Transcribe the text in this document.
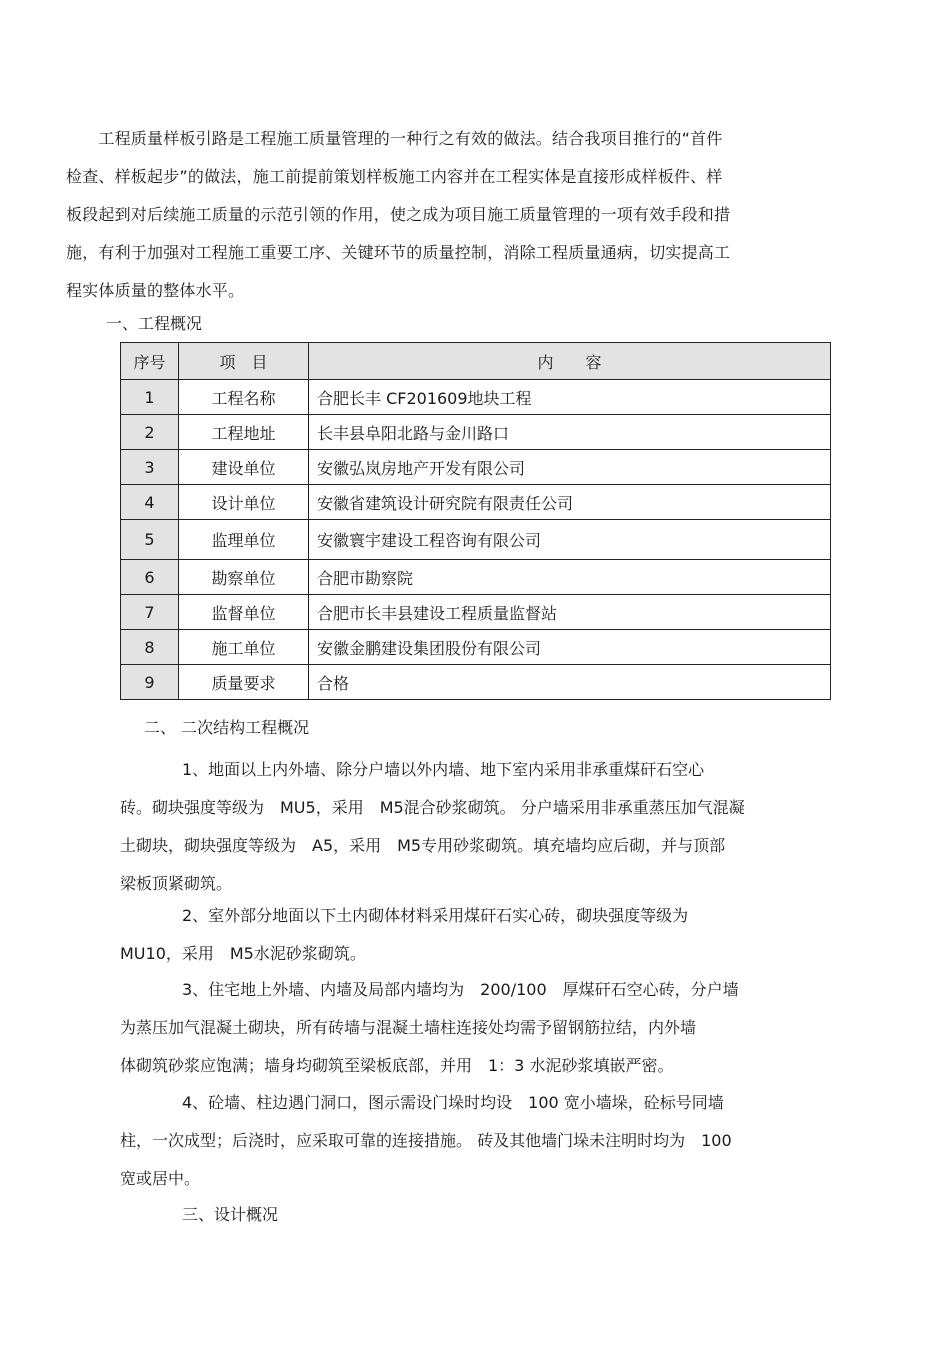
　　工程质量样板引路是工程施工质量管理的一种行之有效的做法。结合我项目推行的“首件
检查、样板起步”的做法，施工前提前策划样板施工内容并在工程实体是直接形成样板件、样
板段起到对后续施工质量的示范引领的作用，使之成为项目施工质量管理的一项有效手段和措
施，有利于加强对工程施工重要工序、关键环节的质量控制，消除工程质量通病，切实提高工
程实体质量的整体水平。
一、工程概况
序号	项　目	内　　容
1	工程名称	合肥长丰 CF201609地块工程
2	工程地址	长丰县阜阳北路与金川路口
3	建设单位	安徽弘岚房地产开发有限公司
4	设计单位	安徽省建筑设计研究院有限责任公司
5	监理单位	安徽寰宇建设工程咨询有限公司
6	勘察单位	合肥市勘察院
7	监督单位	合肥市长丰县建设工程质量监督站
8	施工单位	安徽金鹏建设集团股份有限公司
9	质量要求	合格
二、 二次结构工程概况
1、地面以上内外墙、除分户墙以外内墙、地下室内采用非承重煤矸石空心
砖。砌块强度等级为　MU5，采用　M5混合砂浆砌筑。 分户墙采用非承重蒸压加气混凝
土砌块，砌块强度等级为　A5，采用　M5专用砂浆砌筑。填充墙均应后砌，并与顶部
梁板顶紧砌筑。
2、室外部分地面以下土内砌体材料采用煤矸石实心砖，砌块强度等级为
MU10，采用　M5水泥砂浆砌筑。
3、住宅地上外墙、内墙及局部内墙均为　200/100　厚煤矸石空心砖，分户墙
为蒸压加气混凝土砌块，所有砖墙与混凝土墙柱连接处均需予留钢筋拉结，内外墙
体砌筑砂浆应饱满；墙身均砌筑至梁板底部，并用　1：3 水泥砂浆填嵌严密。
4、砼墙、柱边遇门洞口，图示需设门垛时均设　100 宽小墙垛，砼标号同墙
柱，一次成型；后浇时，应采取可靠的连接措施。 砖及其他墙门垛未注明时均为　100
宽或居中。
三、设计概况
